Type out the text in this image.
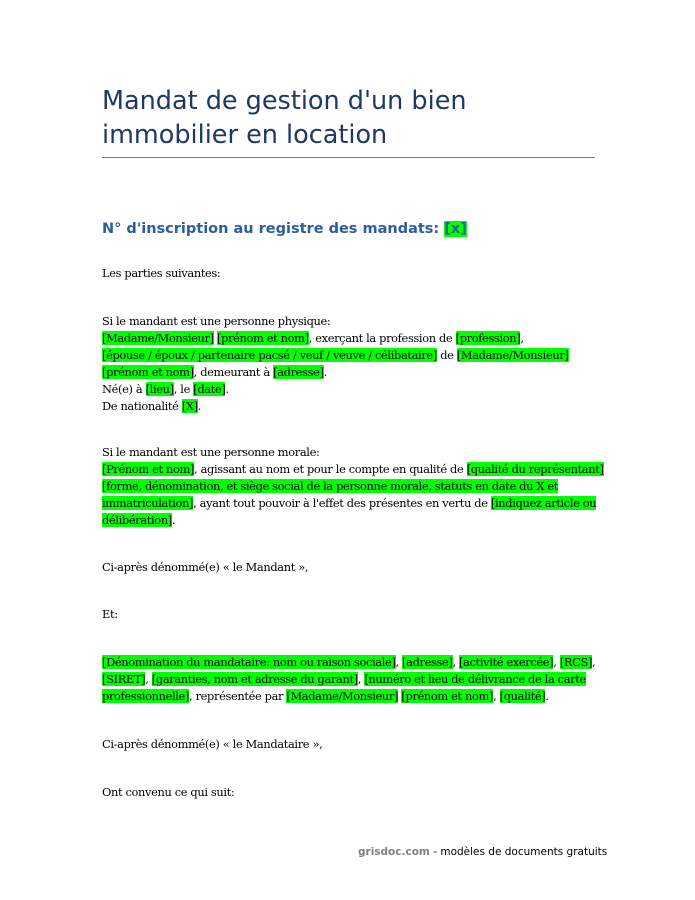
Mandat de gestion d'un bien
immobilier en location
N° d'inscription au registre des mandats: [x]
Les parties suivantes:
Si le mandant est une personne physique:
[Madame/Monsieur] [prénom et nom], exerçant la profession de [profession],
[épouse / époux / partenaire pacsé / veuf / veuve / célibataire] de [Madame/Monsieur]
[prénom et nom], demeurant à [adresse].
Né(e) à [lieu], le [date].
De nationalité [X].
Si le mandant est une personne morale:
[Prénom et nom], agissant au nom et pour le compte en qualité de [qualité du représentant]
[forme, dénomination, et siège social de la personne morale, statuts en date du X et
immatriculation], ayant tout pouvoir à l'effet des présentes en vertu de [indiquez article ou
délibération].
Ci-après dénommé(e) « le Mandant »,
Et:
[Dénomination du mandataire: nom ou raison sociale], [adresse], [activité exercée], [RCS],
[SIRET], [garanties, nom et adresse du garant], [numéro et lieu de délivrance de la carte
professionnelle], représentée par [Madame/Monsieur] [prénom et nom], [qualité].
Ci-après dénommé(e) « le Mandataire »,
Ont convenu ce qui suit:
grisdoc.com - modèles de documents gratuits
